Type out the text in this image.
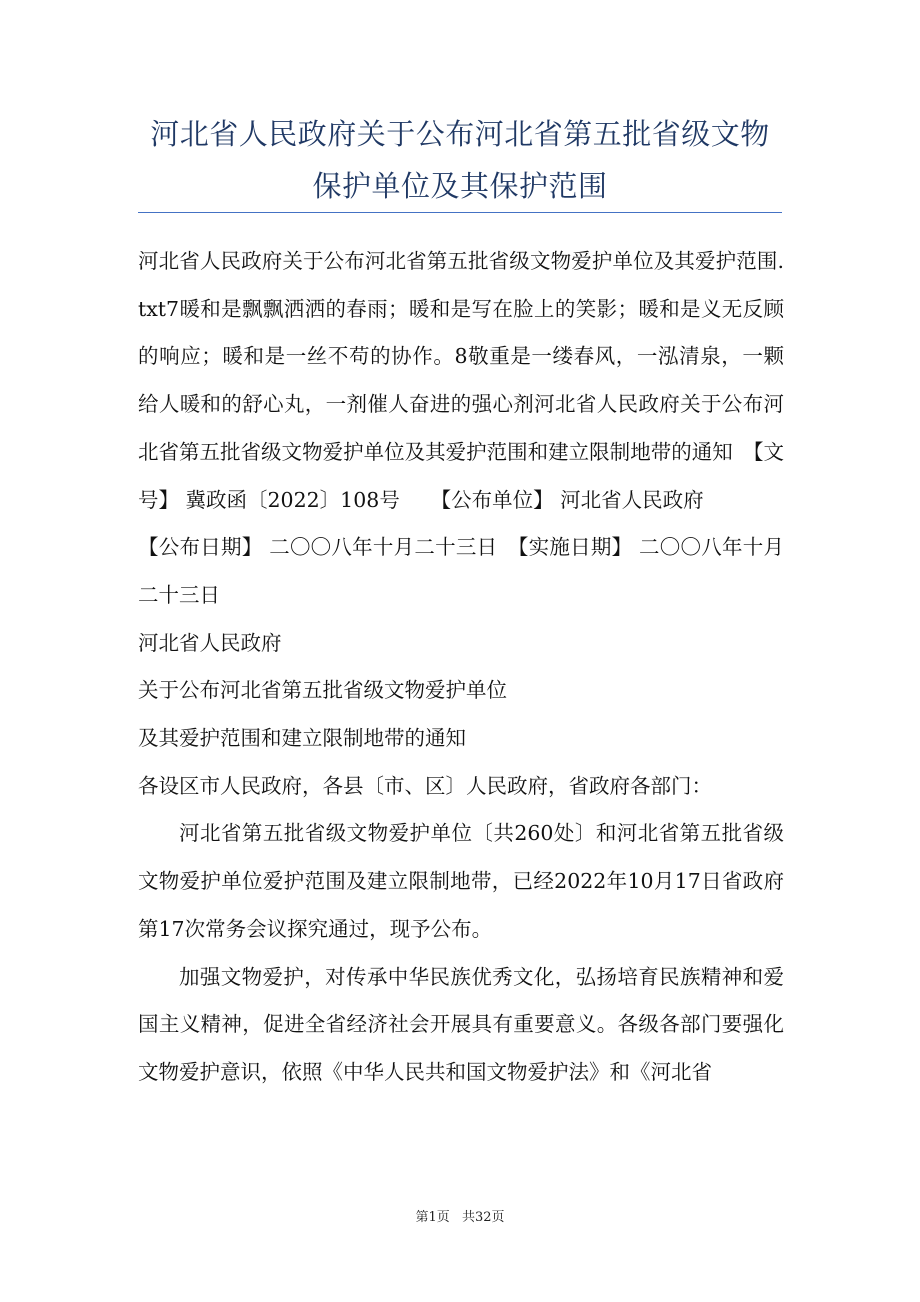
河北省人民政府关于公布河北省第五批省级文物保护单位及其保护范围

河北省人民政府关于公布河北省第五批省级文物爱护单位及其爱护范围.txt7暖和是飘飘洒洒的春雨；暖和是写在脸上的笑影；暖和是义无反顾的响应；暖和是一丝不苟的协作。8敬重是一缕春风，一泓清泉，一颗给人暖和的舒心丸，一剂催人奋进的强心剂河北省人民政府关于公布河北省第五批省级文物爱护单位及其爱护范围和建立限制地带的通知　【文　号】 冀政函〔2022〕108号　　【公布单位】 河北省人民政府

【公布日期】 二〇〇八年十月二十三日　【实施日期】 二〇〇八年十月二十三日

河北省人民政府

关于公布河北省第五批省级文物爱护单位

及其爱护范围和建立限制地带的通知

各设区市人民政府，各县〔市、区〕人民政府，省政府各部门：

河北省第五批省级文物爱护单位〔共260处〕和河北省第五批省级文物爱护单位爱护范围及建立限制地带，已经2022年10月17日省政府第17次常务会议探究通过，现予公布。

加强文物爱护，对传承中华民族优秀文化，弘扬培育民族精神和爱国主义精神，促进全省经济社会开展具有重要意义。各级各部门要强化文物爱护意识，依照《中华人民共和国文物爱护法》和《河北省

第1页 共32页
